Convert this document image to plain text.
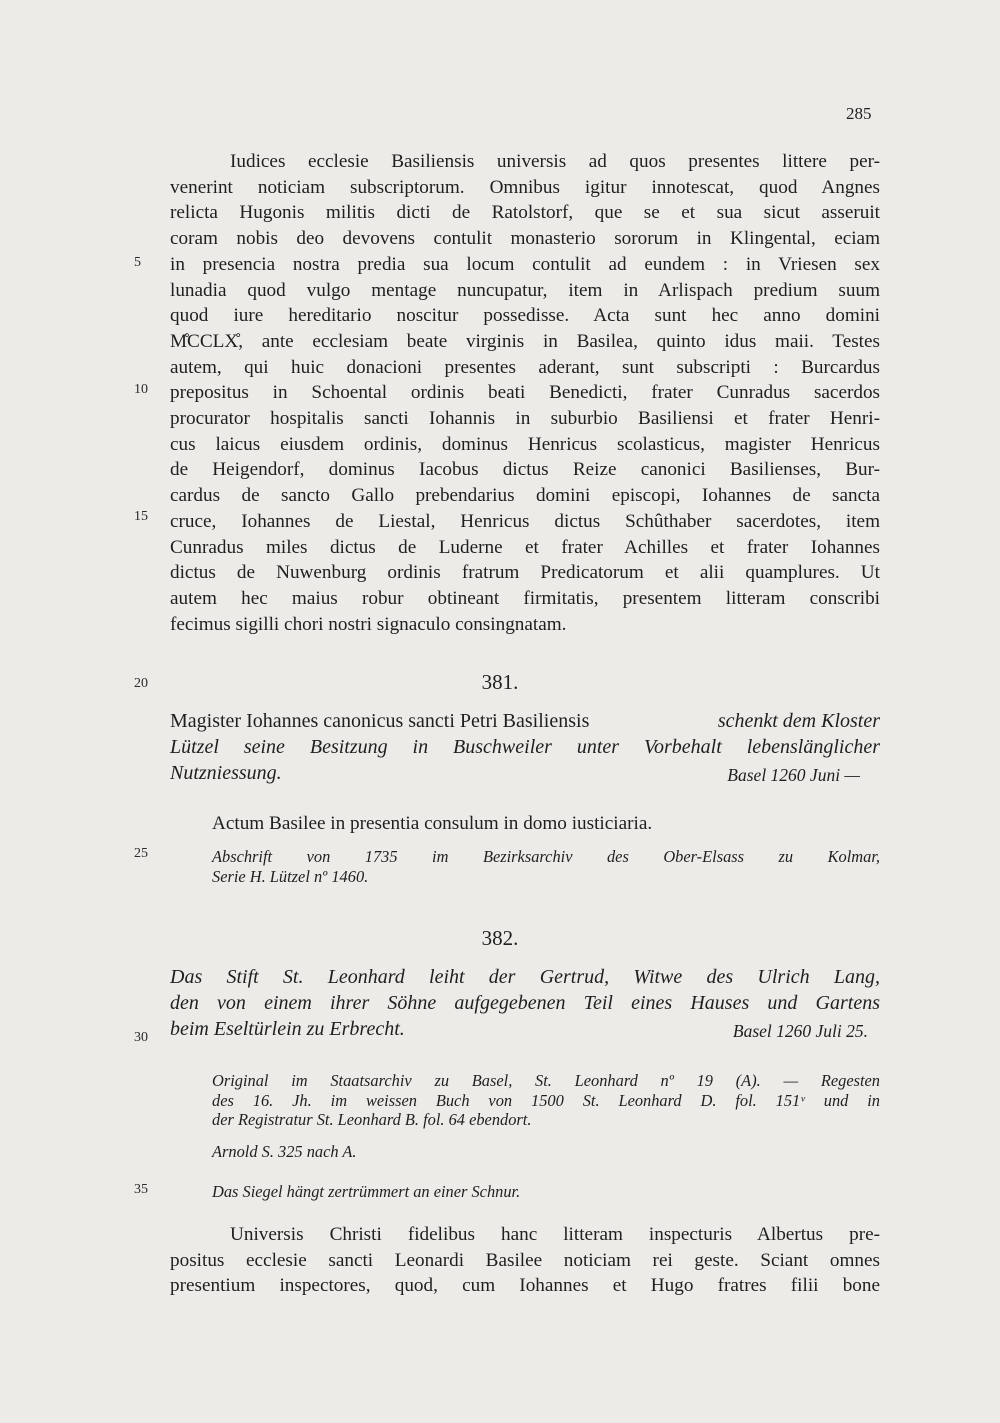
285
5
10
15
20
25
30
35

Iudices ecclesie Basiliensis universis ad quos presentes littere per-

venerint noticiam subscriptorum. Omnibus igitur innotescat, quod Angnes

relicta Hugonis militis dicti de Ratolstorf, que se et sua sicut asseruit

coram nobis deo devovens contulit monasterio sororum in Klingental, eciam

in presencia nostra predia sua locum contulit ad eundem : in Vriesen sex

lunadia quod vulgo mentage nuncupatur, item in Arlispach predium suum

quod iure hereditario noscitur possedisse. Acta sunt hec anno domini

M̊CCLX̊, ante ecclesiam beate virginis in Basilea, quinto idus maii. Testes

autem, qui huic donacioni presentes aderant, sunt subscripti : Burcardus

prepositus in Schoental ordinis beati Benedicti, frater Cunradus sacerdos

procurator hospitalis sancti Iohannis in suburbio Basiliensi et frater Henri-

cus laicus eiusdem ordinis, dominus Henricus scolasticus, magister Henricus

de Heigendorf, dominus Iacobus dictus Reize canonici Basilienses, Bur-

cardus de sancto Gallo prebendarius domini episcopi, Iohannes de sancta

cruce, Iohannes de Liestal, Henricus dictus Schûthaber sacerdotes, item

Cunradus miles dictus de Luderne et frater Achilles et frater Iohannes

dictus de Nuwenburg ordinis fratrum Predicatorum et alii quamplures. Ut

autem hec maius robur obtineant firmitatis, presentem litteram conscribi

fecimus sigilli chori nostri signaculo consingnatam.

381.
Magister Iohannes canonicus sancti Petri Basiliensis	schenkt dem Kloster
Lützel seine Besitzung in Buschweiler unter Vorbehalt lebenslänglicher
Nutzniessung.	Basel 1260 Juni —

Actum Basilee in presentia consulum in domo iusticiaria.

Abschrift von 1735 im Bezirksarchiv des Ober-Elsass zu Kolmar,

Serie H. Lützel nº 1460.

382.
Das Stift St. Leonhard leiht der Gertrud, Witwe des Ulrich Lang,
den von einem ihrer Söhne aufgegebenen Teil eines Hauses und Gartens
beim Eseltürlein zu Erbrecht.	Basel 1260 Juli 25.

Original im Staatsarchiv zu Basel, St. Leonhard nº 19 (A). — Regesten

des 16. Jh. im weissen Buch von 1500 St. Leonhard D. fol. 151ᵛ und in

der Registratur St. Leonhard B. fol. 64 ebendort.

Arnold S. 325 nach A.

Das Siegel hängt zertrümmert an einer Schnur.

Universis Christi fidelibus hanc litteram inspecturis Albertus pre-

positus ecclesie sancti Leonardi Basilee noticiam rei geste. Sciant omnes

presentium inspectores, quod, cum Iohannes et Hugo fratres filii bone
